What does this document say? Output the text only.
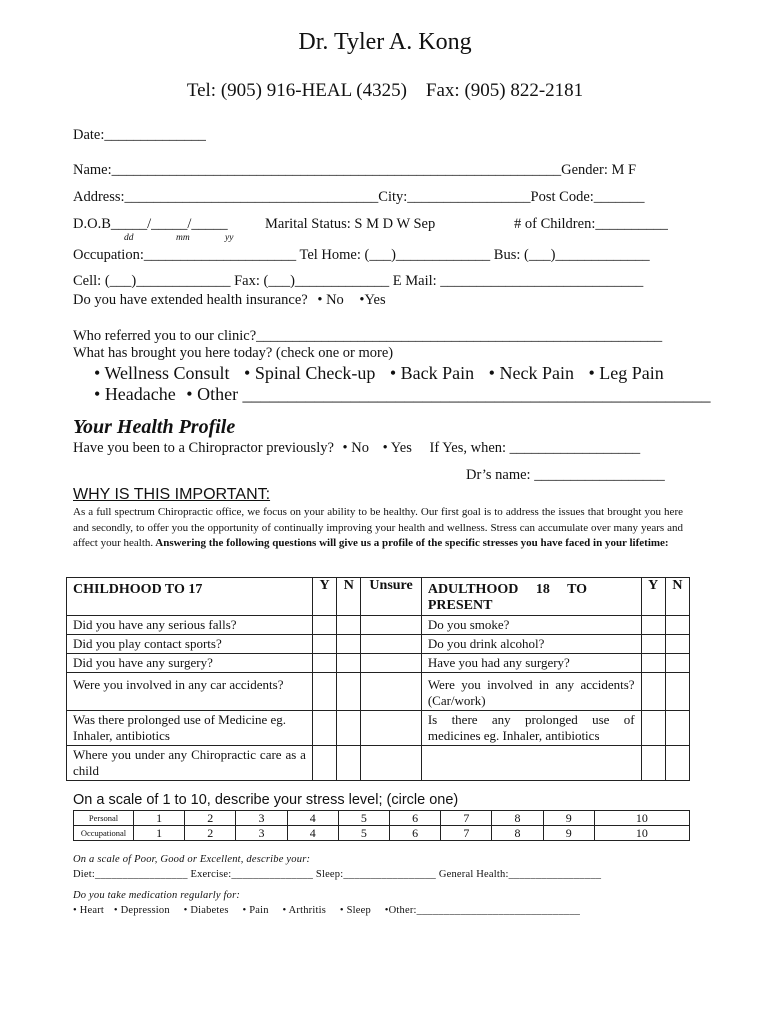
Dr. Tyler A. Kong
Tel: (905) 916-HEAL (4325)    Fax: (905) 822-2181
Date:______________
Name:______________________________________________________________Gender: M F
Address:___________________________________City:_________________Post Code:_______
D.O.B_____/_____/_____	Marital Status: S M D W Sep	# of Children:__________
dd	mm	yy
Occupation:_____________________ Tel Home: (___)_____________ Bus: (___)_____________
Cell: (___)_____________ Fax: (___)_____________ E Mail: ____________________________
Do you have extended health insurance? • No •Yes
Who referred you to our clinic?________________________________________________________
What has brought you here today? (check one or more)
• Wellness Consult • Spinal Check-up • Back Pain • Neck Pain • Leg Pain
• Headache • Other ____________________________________________________
Your Health Profile
Have you been to a Chiropractor previously? • No • Yes If Yes, when: __________________
Dr’s name: __________________
WHY IS THIS IMPORTANT:
As a full spectrum Chiropractic office, we focus on your ability to be healthy. Our first goal is to address the issues that brought you here and secondly, to offer you the opportunity of continually improving your health and wellness. Stress can accumulate over many years and affect your health. Answering the following questions will give us a profile of the specific stresses you have faced in your lifetime:
CHILDHOOD TO 17	Y	N	Unsure	ADULTHOOD     18     TO PRESENT	Y	N
Did you have any serious falls?				Do you smoke?		
Did you play contact sports?				Do you drink alcohol?		
Did you have any surgery?				Have you had any surgery?		
Were you involved in any car accidents?				Were you involved in any accidents? (Car/work)		
Was there prolonged use of Medicine eg. Inhaler, antibiotics				Is there any prolonged use of medicines eg. Inhaler, antibiotics		
Where you under any Chiropractic care as a child						
On a scale of 1 to 10, describe your stress level; (circle one)
Personal	1	2	3	4	5	6	7	8	9	10
Occupational	1	2	3	4	5	6	7	8	9	10
On a scale of Poor, Good or Excellent, describe your:
Diet:_________________ Exercise:_______________ Sleep:_________________ General Health:_________________
Do you take medication regularly for:
• Heart • Depression • Diabetes • Pain • Arthritis • Sleep •Other:______________________________
